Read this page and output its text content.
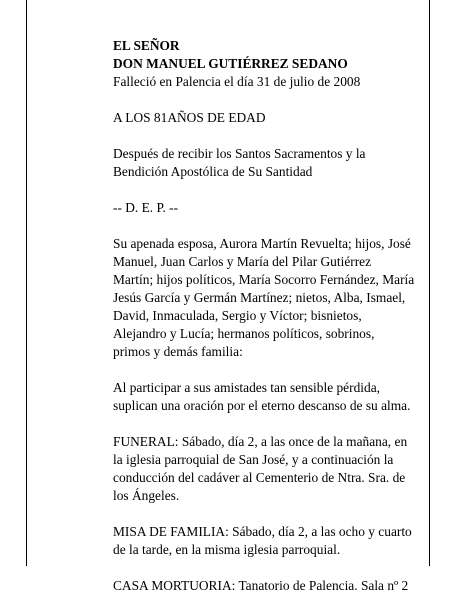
EL SEÑOR

DON MANUEL GUTIÉRREZ SEDANO

Falleció en Palencia el día 31 de julio de 2008

A LOS 81AÑOS DE EDAD

Después de recibir los Santos Sacramentos y la
Bendición Apostólica de Su Santidad

-- D. E. P. --

Su apenada esposa, Aurora Martín Revuelta; hijos, José
Manuel, Juan Carlos y María del Pilar Gutiérrez
Martín; hijos políticos, María Socorro Fernández, María
Jesús García y Germán Martínez; nietos, Alba, Ismael,
David, Inmaculada, Sergio y Víctor; bisnietos,
Alejandro y Lucía; hermanos políticos, sobrinos,
primos y demás familia:

Al participar a sus amistades tan sensible pérdida,
suplican una oración por el eterno descanso de su alma.

FUNERAL: Sábado, día 2, a las once de la mañana, en
la iglesia parroquial de San José, y a continuación la
conducción del cadáver al Cementerio de Ntra. Sra. de
los Ángeles.

MISA DE FAMILIA: Sábado, día 2, a las ocho y cuarto
de la tarde, en la misma iglesia parroquial.

CASA MORTUORIA: Tanatorio de Palencia. Sala nº 2
